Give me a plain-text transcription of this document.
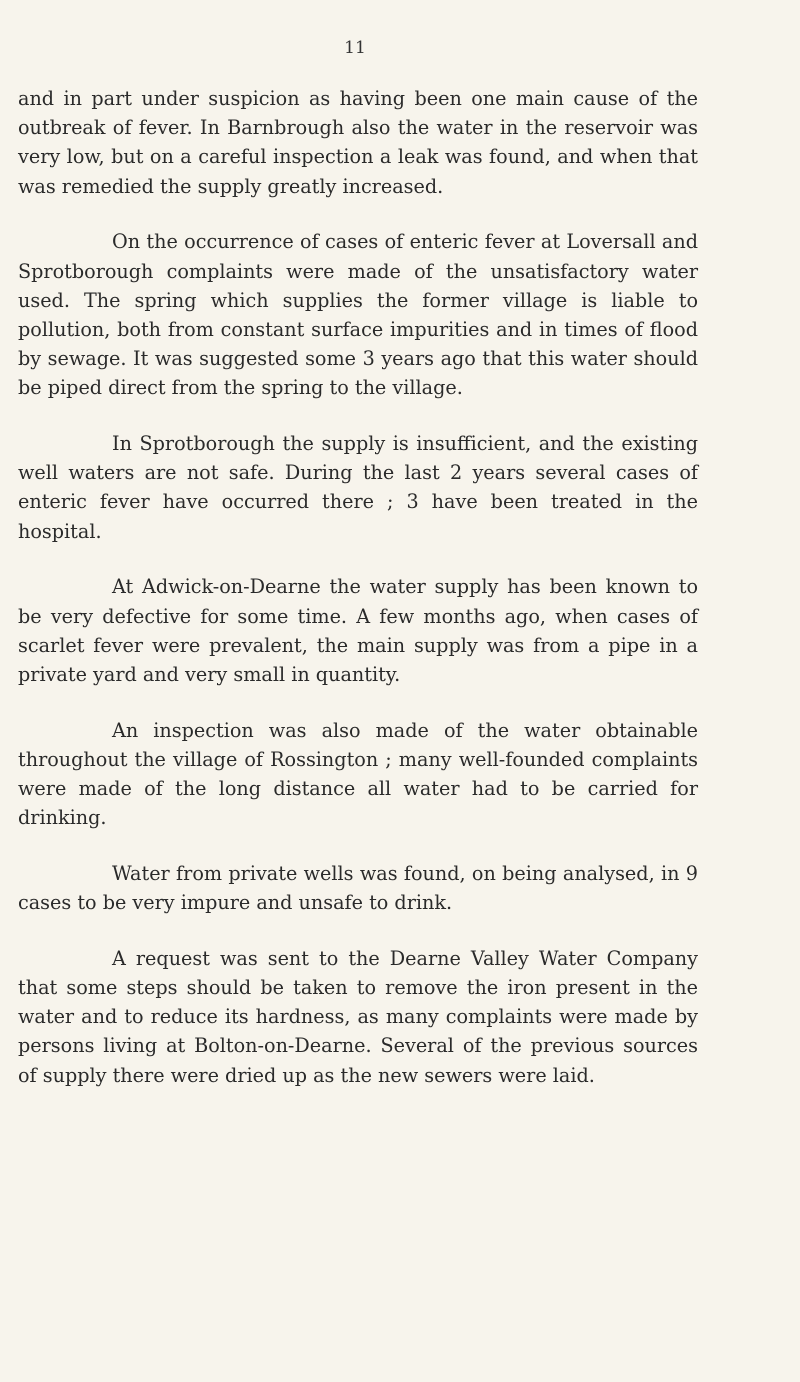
11

and in part under suspicion as having been one main cause of the outbreak of fever. In Barnbrough also the water in the reservoir was very low, but on a careful inspection a leak was found, and when that was remedied the supply greatly increased.

On the occurrence of cases of enteric fever at Loversall and Sprotborough complaints were made of the unsatisfactory water used. The spring which supplies the former village is liable to pollution, both from constant surface impurities and in times of flood by sewage. It was suggested some 3 years ago that this water should be piped direct from the spring to the village.

In Sprotborough the supply is insufficient, and the existing well waters are not safe. During the last 2 years several cases of enteric fever have occurred there ; 3 have been treated in the hospital.

At Adwick-on-Dearne the water supply has been known to be very defective for some time. A few months ago, when cases of scarlet fever were prevalent, the main supply was from a pipe in a private yard and very small in quantity.

An inspection was also made of the water obtainable throughout the village of Rossington ; many well-founded complaints were made of the long distance all water had to be carried for drinking.

Water from private wells was found, on being analysed, in 9 cases to be very impure and unsafe to drink.

A request was sent to the Dearne Valley Water Company that some steps should be taken to remove the iron present in the water and to reduce its hardness, as many complaints were made by persons living at Bolton-on-Dearne. Several of the previous sources of supply there were dried up as the new sewers were laid.
